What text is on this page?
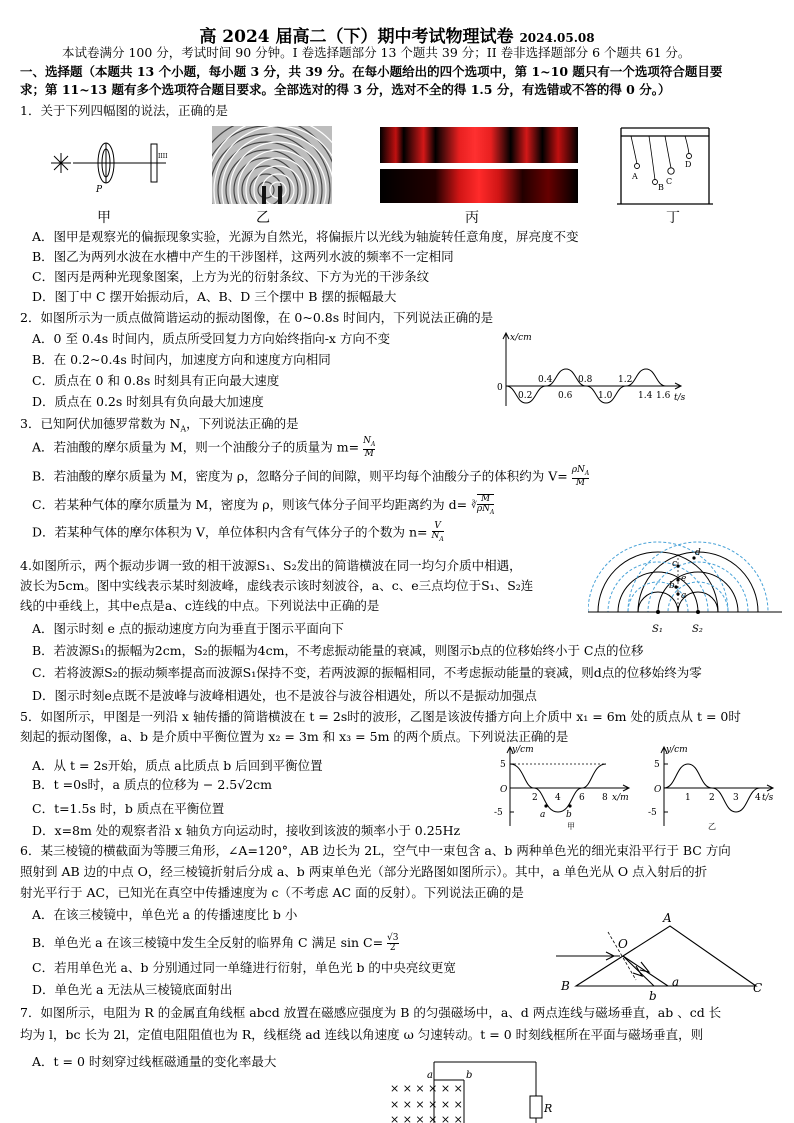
高 2024 届高二（下）期中考试物理试卷 2024.05.08
本试卷满分 100 分，考试时间 90 分钟。I 卷选择题部分 13 个题共 39 分；II 卷非选择题部分 6 个题共 61 分。
一、选择题（本题共 13 个小题，每小题 3 分，共 39 分。在每小题给出的四个选项中，第 1~10 题只有一个选项符合题目要
求；第 11~13 题有多个选项符合题目要求。全部选对的得 3 分，选对不全的得 1.5 分，有选错或不答的得 0 分。）
1．关于下列四幅图的说法，正确的是
P
IIII
甲	乙	丙
A
B
C
D
丁
A．图甲是观察光的偏振现象实验，光源为自然光，将偏振片以光线为轴旋转任意角度，屏亮度不变
B．图乙为两列水波在水槽中产生的干涉图样，这两列水波的频率不一定相同
C．图丙是两种光现象图案，上方为光的衍射条纹、下方为光的干涉条纹
D．图丁中 C 摆开始振动后，A、B、D 三个摆中 B 摆的振幅最大
2．如图所示为一质点做简谐运动的振动图像，在 0~0.8s 时间内，下列说法正确的是
A．0 至 0.4s 时间内，质点所受回复力方向始终指向-x 方向不变
B．在 0.2~0.4s 时间内，加速度方向和速度方向相同
C．质点在 0 和 0.8s 时刻具有正向最大速度
D．质点在 0.2s 时刻具有负向最大加速度
x/cm
t/s
0
0.4	0.8	1.2
0.2	0.6	1.0	1.4 1.6
3．已知阿伏加德罗常数为 $N_A$，下列说法正确的是
A．若油酸的摩尔质量为 M，则一个油酸分子的质量为 $m= \frac{N_A}{M}$
B．若油酸的摩尔质量为 M，密度为 ρ，忽略分子间的间隙，则平均每个油酸分子的体积约为 $V= \rho N_A$
M
C．若某种气体的摩尔质量为 M，密度为 ρ，则该气体分子间平均距离约为 d= ∛
M
$\rho N_A$
D．若某种气体的摩尔体积为 V，单位体积内含有气体分子的个数为 $n= \frac{V}{N_A}$
4.如图所示，两个振动步调一致的相干波源S₁、S₂发出的简谐横波在同一均匀介质中相遇，
波长为5cm。图中实线表示某时刻波峰，虚线表示该时刻波谷，a、c、e三点均位于S₁、S₂连
线的中垂线上，其中e点是a、c连线的中点。下列说法中正确的是
d
c
e
b
a
S₁	S₂
A．图示时刻 e 点的振动速度方向为垂直于图示平面向下
B．若波源S₁的振幅为2cm，S₂的振幅为4cm，不考虑振动能量的衰减，则图示b点的位移始终小于 C点的位移
C．若将波源S₂的振动频率提高而波源S₁保持不变，若两波源的振幅相同，不考虑振动能量的衰减，则d点的位移始终为零
D．图示时刻e点既不是波峰与波峰相遇处，也不是波谷与波谷相遇处，所以不是振动加强点
5．如图所示，甲图是一列沿 x 轴传播的简谐横波在 t = 2s时的波形，乙图是该波传播方向上介质中 x₁ = 6m 处的质点从 t = 0时
刻起的振动图像，a、b 是介质中平衡位置为 x₂ = 3m 和 x₃ = 5m 的两个质点。下列说法正确的是
A．从 t = 2s开始，质点 a比质点 b 后回到平衡位置
B．t =0s时，a 质点的位移为 − 2.5√2cm
C．t=1.5s 时，b 质点在平衡位置
D．x=8m 处的观察者沿 x 轴负方向运动时，接收到该波的频率小于 0.25Hz
y/cm
x/m
O
5
-5
2 4 6 8
a b
甲
y/cm
t/s
O
5
-5
1 2 3 4
乙
6．某三棱镜的横截面为等腰三角形，∠A=120°，AB 边长为 2L，空气中一束包含 a、b 两种单色光的细光束沿平行于 BC 方向
照射到 AB 边的中点 O，经三棱镜折射后分成 a、b 两束单色光（部分光路图如图所示）。其中，a 单色光从 O 点入射后的折
射光平行于 AC，已知光在真空中传播速度为 c（不考虑 AC 面的反射）。下列说法正确的是
A．在该三棱镜中，单色光 a 的传播速度比 b 小
B．单色光 a 在该三棱镜中发生全反射的临界角 C 满足 $\sin C= \frac{√3}{2}$
C．若用单色光 a、b 分别通过同一单缝进行衍射，单色光 b 的中央亮纹更宽
D．单色光 a 无法从三棱镜底面射出
A
B	C
O
a
b
7．如图所示，电阻为 R 的金属直角线框 abcd 放置在磁感应强度为 B 的匀强磁场中，a、d 两点连线与磁场垂直，ab 、cd 长
均为 l，bc 长为 2l，定值电阻阻值也为 R，线框绕 ad 连线以角速度 ω 匀速转动。t = 0 时刻线框所在平面与磁场垂直，则
A．t = 0 时刻穿过线框磁通量的变化率最大
× × × × × ×
× × × × × ×
× × × × × ×
a	b
R
